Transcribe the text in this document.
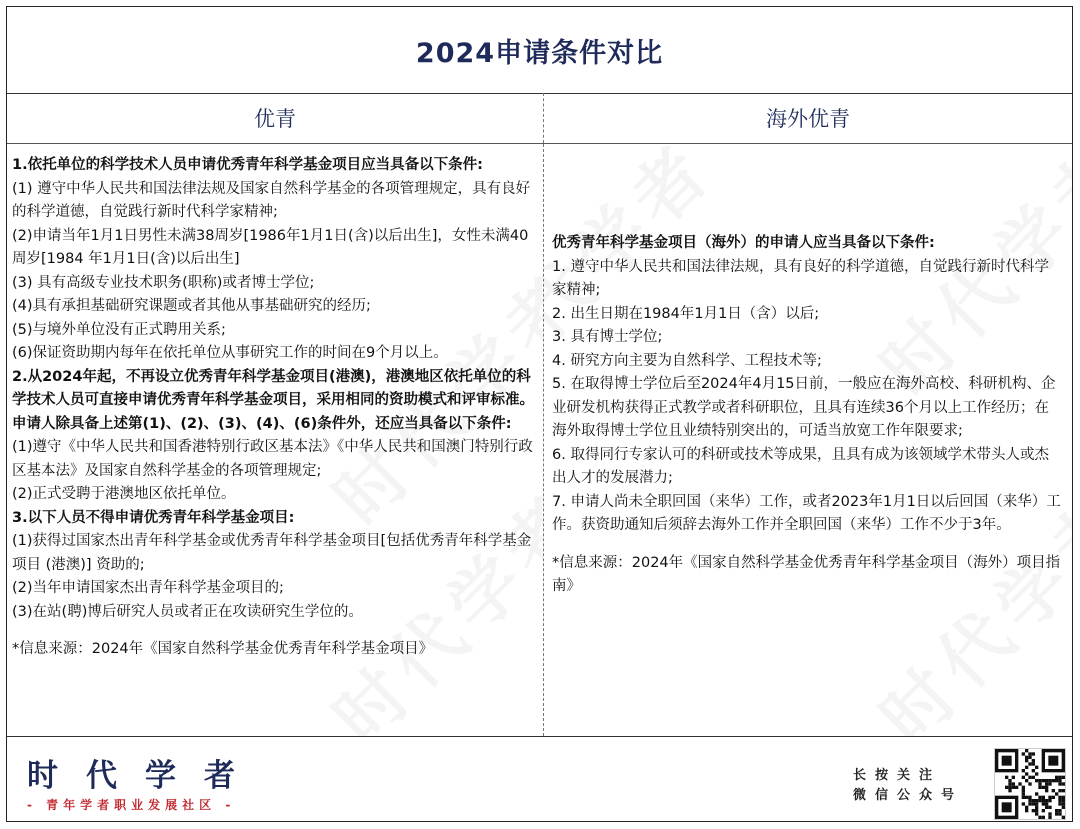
2024申请条件对比
优青	海外优青

1.依托单位的科学技术人员申请优秀青年科学基金项目应当具备以下条件:

(1) 遵守中华人民共和国法律法规及国家自然科学基金的各项管理规定，具有良好的科学道德，自觉践行新时代科学家精神;

(2)申请当年1月1日男性未满38周岁[1986年1月1日(含)以后出生]，女性未满40周岁[1984 年1月1日(含)以后出生]

(3) 具有高级专业技术职务(职称)或者博士学位;

(4)具有承担基础研究课题或者其他从事基础研究的经历;

(5)与境外单位没有正式聘用关系;

(6)保证资助期内每年在依托单位从事研究工作的时间在9个月以上。

2.从2024年起，不再设立优秀青年科学基金项目(港澳)，港澳地区依托单位的科学技术人员可直接申请优秀青年科学基金项目，采用相同的资助模式和评审标准。申请人除具备上述第(1)、(2)、(3)、(4)、(6)条件外，还应当具备以下条件:

(1)遵守《中华人民共和国香港特别行政区基本法》《中华人民共和国澳门特别行政区基本法》及国家自然科学基金的各项管理规定;

(2)正式受聘于港澳地区依托单位。

3.以下人员不得申请优秀青年科学基金项目:

(1)获得过国家杰出青年科学基金或优秀青年科学基金项目[包括优秀青年科学基金项目 (港澳)] 资助的;

(2)当年申请国家杰出青年科学基金项目的;

(3)在站(聘)博后研究人员或者正在攻读研究生学位的。

*信息来源：2024年《国家自然科学基金优秀青年科学基金项目》

优秀青年科学基金项目（海外）的申请人应当具备以下条件:

1. 遵守中华人民共和国法律法规，具有良好的科学道德，自觉践行新时代科学家精神;

2. 出生日期在1984年1月1日（含）以后;

3. 具有博士学位;

4. 研究方向主要为自然科学、工程技术等;

5. 在取得博士学位后至2024年4月15日前，一般应在海外高校、科研机构、企业研发机构获得正式教学或者科研职位，且具有连续36个月以上工作经历；在海外取得博士学位且业绩特别突出的，可适当放宽工作年限要求;

6. 取得同行专家认可的科研或技术等成果，且具有成为该领域学术带头人或杰出人才的发展潜力;

7. 申请人尚未全职回国（来华）工作，或者2023年1月1日以后回国（来华）工作。获资助通知后须辞去海外工作并全职回国（来华）工作不少于3年。

*信息来源：2024年《国家自然科学基金优秀青年科学基金项目（海外）项目指南》

时代学者
- 青年学者职业发展社区 -
长按关注
微信公众号
